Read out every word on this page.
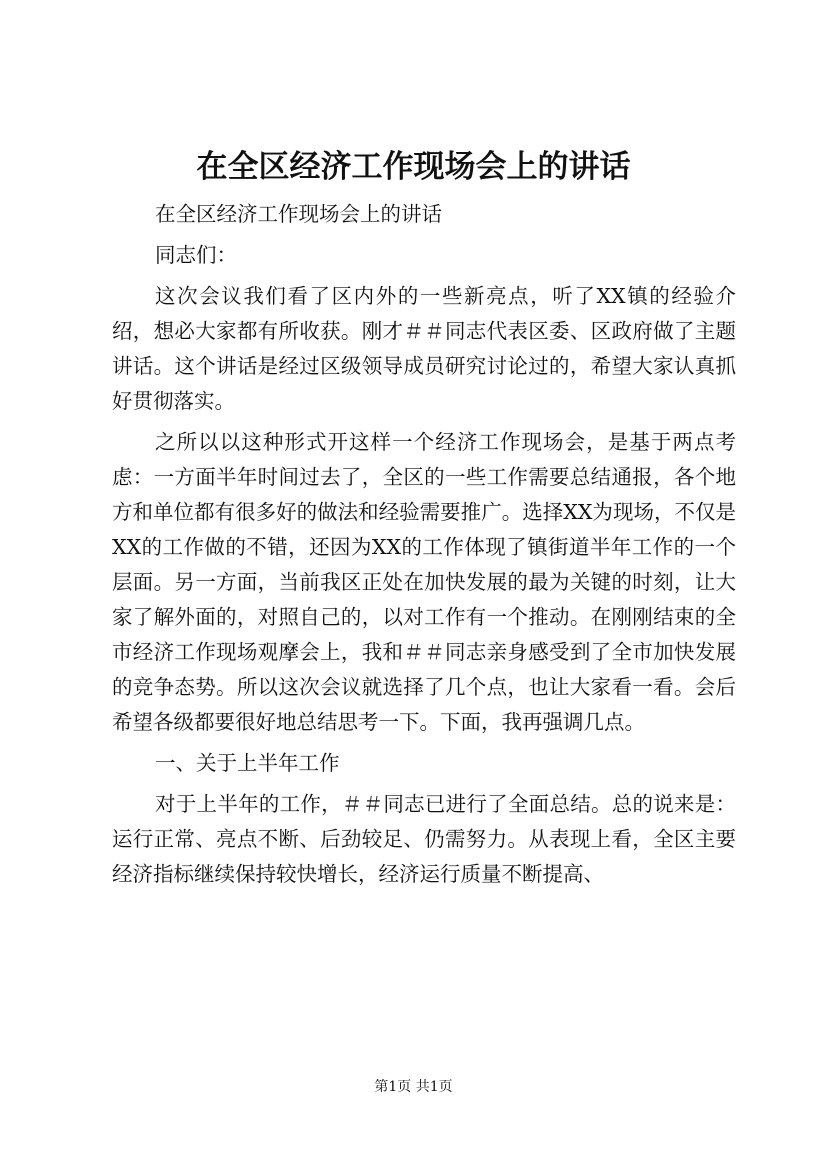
在全区经济工作现场会上的讲话

在全区经济工作现场会上的讲话

同志们：

这次会议我们看了区内外的一些新亮点，听了XX镇的经验介绍，想必大家都有所收获。刚才＃＃同志代表区委、区政府做了主题讲话。这个讲话是经过区级领导成员研究讨论过的，希望大家认真抓好贯彻落实。

之所以以这种形式开这样一个经济工作现场会，是基于两点考虑：一方面半年时间过去了，全区的一些工作需要总结通报，各个地方和单位都有很多好的做法和经验需要推广。选择XX为现场，不仅是XX的工作做的不错，还因为XX的工作体现了镇街道半年工作的一个层面。另一方面，当前我区正处在加快发展的最为关键的时刻，让大家了解外面的，对照自己的，以对工作有一个推动。在刚刚结束的全市经济工作现场观摩会上，我和＃＃同志亲身感受到了全市加快发展的竞争态势。所以这次会议就选择了几个点，也让大家看一看。会后希望各级都要很好地总结思考一下。下面，我再强调几点。

一、关于上半年工作

对于上半年的工作，＃＃同志已进行了全面总结。总的说来是：运行正常、亮点不断、后劲较足、仍需努力。从表现上看，全区主要经济指标继续保持较快增长，经济运行质量不断提高、

第1页 共1页
